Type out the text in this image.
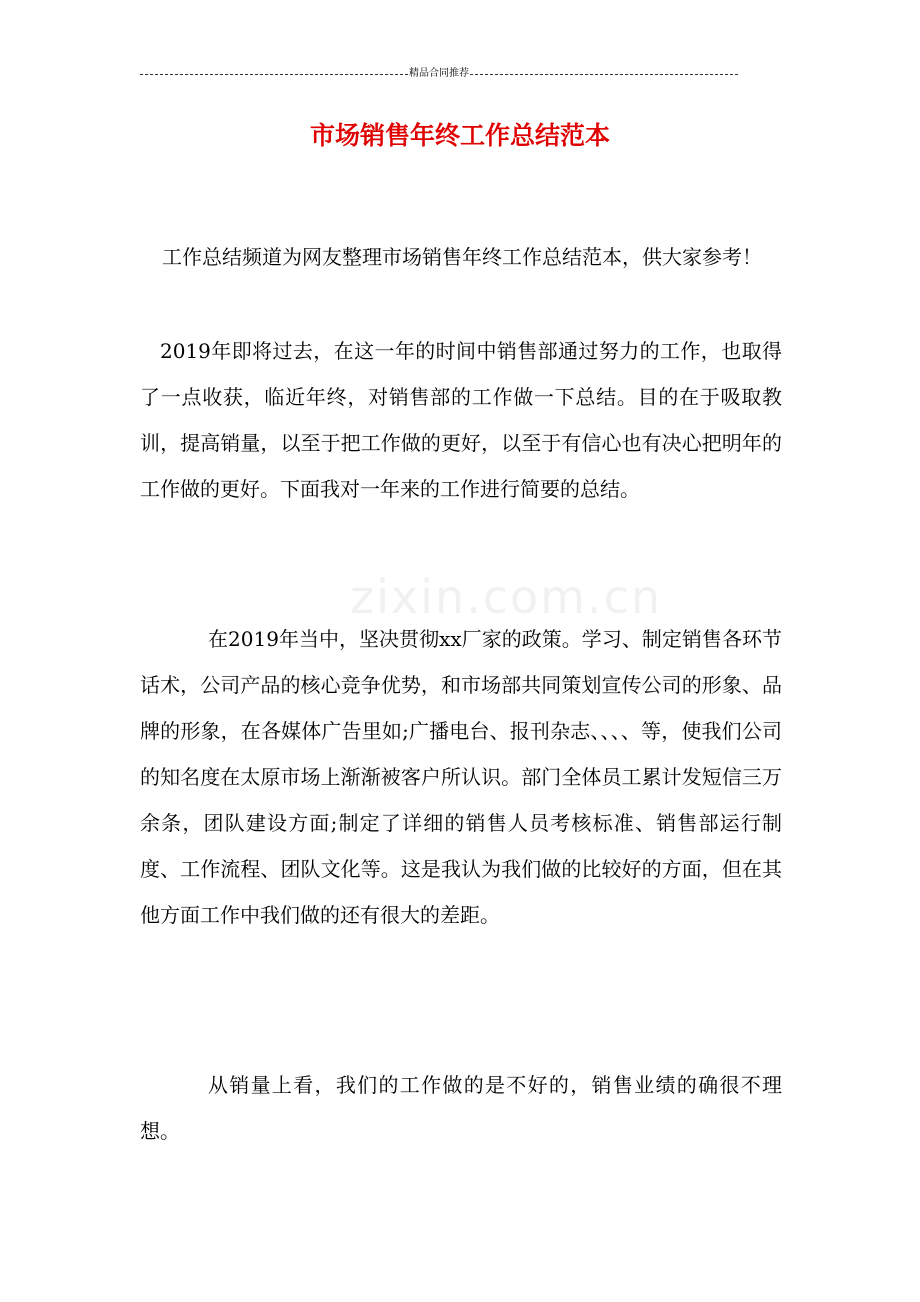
精品合同推荐
市场销售年终工作总结范本
zixin.com.cn

工作总结频道为网友整理市场销售年终工作总结范本，供大家参考！

2019年即将过去，在这一年的时间中销售部通过努力的工作，也取得了一点收获，临近年终，对销售部的工作做一下总结。目的在于吸取教训，提高销量，以至于把工作做的更好，以至于有信心也有决心把明年的工作做的更好。下面我对一年来的工作进行简要的总结。

在2019年当中，坚决贯彻xx厂家的政策。学习、制定销售各环节话术，公司产品的核心竞争优势，和市场部共同策划宣传公司的形象、品牌的形象，在各媒体广告里如;广播电台、报刊杂志、、、、等，使我们公司的知名度在太原市场上渐渐被客户所认识。部门全体员工累计发短信三万余条，团队建设方面;制定了详细的销售人员考核标准、销售部运行制度、工作流程、团队文化等。这是我认为我们做的比较好的方面，但在其他方面工作中我们做的还有很大的差距。

从销量上看，我们的工作做的是不好的，销售业绩的确很不理想。
